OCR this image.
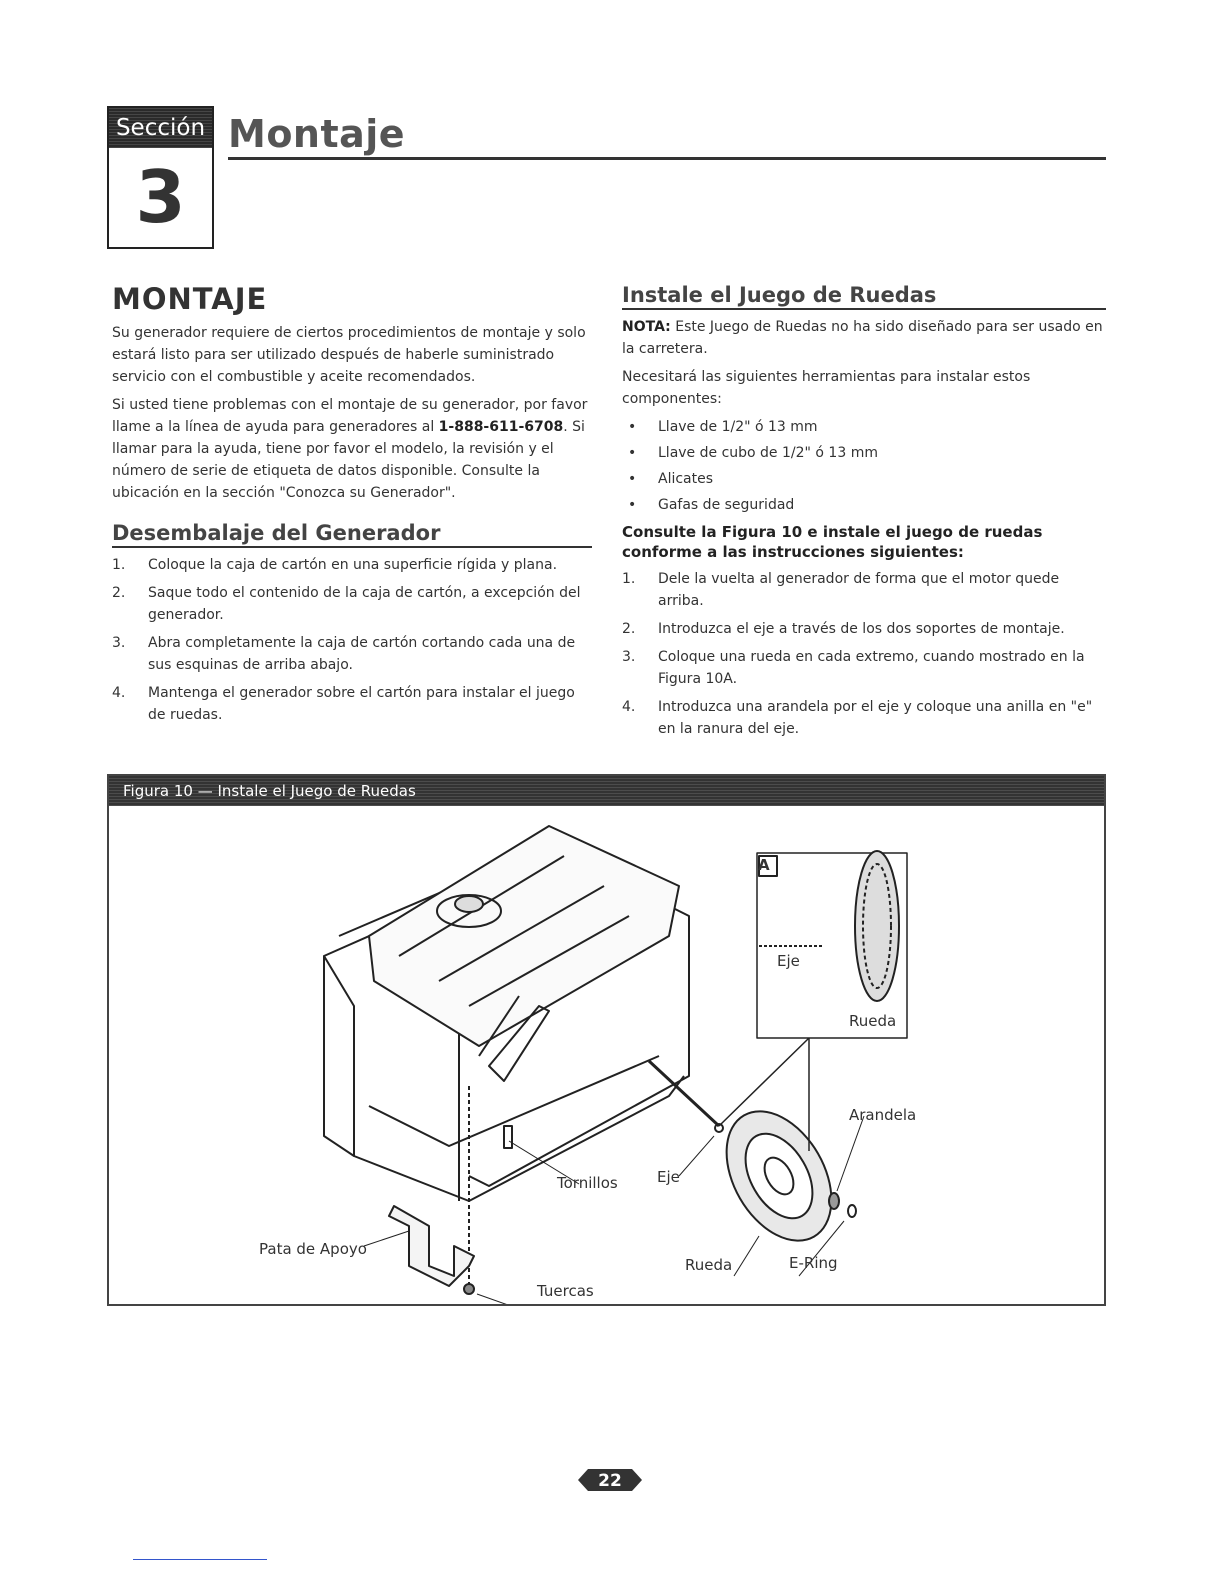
Sección
3
Montaje
MONTAJE

Su generador requiere de ciertos procedimientos de montaje y solo estará listo para ser utilizado después de haberle suministrado servicio con el combustible y aceite recomendados.

Si usted tiene problemas con el montaje de su generador, por favor llame a la línea de ayuda para generadores al 1-888-611-6708. Si llamar para la ayuda, tiene por favor el modelo, la revisión y el número de serie de etiqueta de datos disponible. Consulte la ubicación en la sección "Conozca su Generador".

Desembalaje del Generador
1. Coloque la caja de cartón en una superficie rígida y plana.
2. Saque todo el contenido de la caja de cartón, a excepción del generador.
3. Abra completamente la caja de cartón cortando cada una de sus esquinas de arriba abajo.
4. Mantenga el generador sobre el cartón para instalar el juego de ruedas.
Instale el Juego de Ruedas

NOTA: Este Juego de Ruedas no ha sido diseñado para ser usado en la carretera.

Necesitará las siguientes herramientas para instalar estos componentes:

• Llave de 1/2" ó 13 mm
• Llave de cubo de 1/2" ó 13 mm
• Alicates
• Gafas de seguridad

Consulte la Figura 10 e instale el juego de ruedas conforme a las instrucciones siguientes:

1. Dele la vuelta al generador de forma que el motor quede arriba.
2. Introduzca el eje a través de los dos soportes de montaje.
3. Coloque una rueda en cada extremo, cuando mostrado en la Figura 10A.
4. Introduzca una arandela por el eje y coloque una anilla en "e" en la ranura del eje.
Figura 10 — Instale el Juego de Ruedas
A
Eje
Rueda
Arandela
Tornillos	Eje
Pata de Apoyo
Rueda	E-Ring
Tuercas
22
